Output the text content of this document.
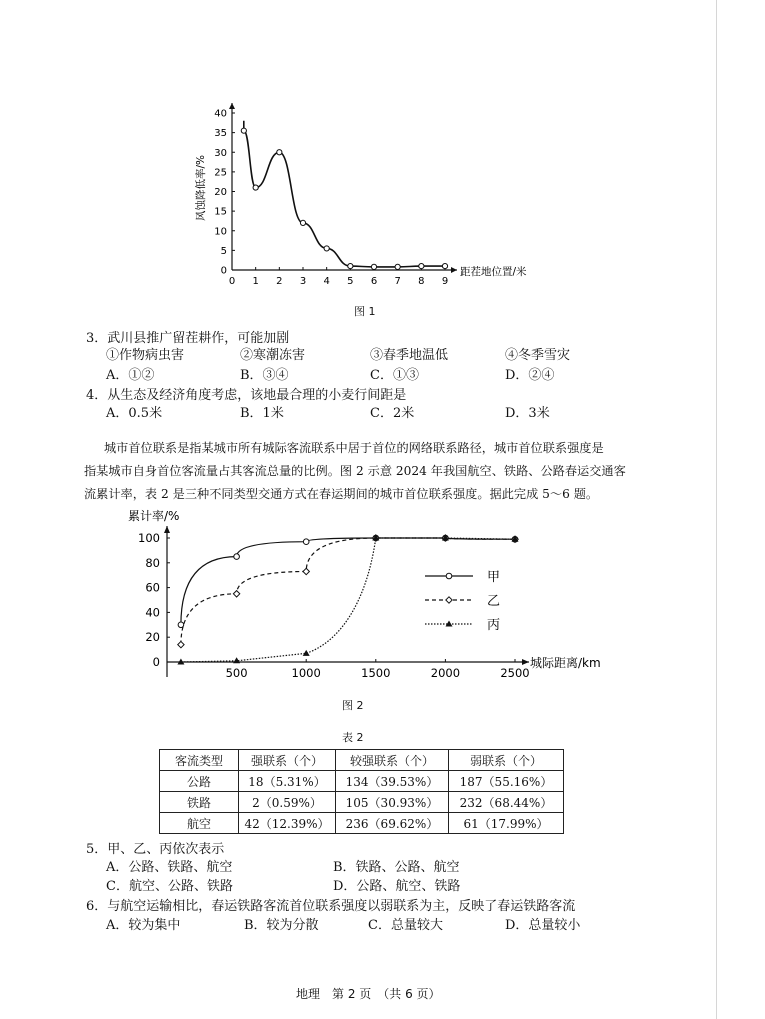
0 1 2 3 4 5 6 7 8 9
0
5
10
15
20
25
30
35
40
风蚀降低率/%
距茬地位置/米
图 1
3．武川县推广留茬耕作，可能加剧
①作物病虫害	②寒潮冻害	③春季地温低	④冬季雪灾
A．①②	B．③④	C．①③	D．②④
4．从生态及经济角度考虑，该地最合理的小麦行间距是
A．0.5米	B．1米	C．2米	D．3米
城市首位联系是指某城市所有城际客流联系中居于首位的网络联系路径，城市首位联系强度是
指某城市自身首位客流量占其客流总量的比例。图 2 示意 2024 年我国航空、铁路、公路春运交通客
流累计率，表 2 是三种不同类型交通方式在春运期间的城市首位联系强度。据此完成 5～6 题。
500	1000	1500	2000	2500
0
20
40
60
80
100
甲
乙
丙
累计率/%
城际距离/km
图 2
表 2
客流类型	强联系（个）	较强联系（个）	弱联系（个）
公路	18（5.31%）	134（39.53%）	187（55.16%）
铁路	2（0.59%）	105（30.93%）	232（68.44%）
航空	42（12.39%）	236（69.62%）	61（17.99%）
5．甲、乙、丙依次表示
A．公路、铁路、航空	B．铁路、公路、航空
C．航空、公路、铁路	D．公路、航空、铁路
6．与航空运输相比，春运铁路客流首位联系强度以弱联系为主，反映了春运铁路客流
A．较为集中	B．较为分散	C．总量较大	D．总量较小
地理　第 2 页　（共 6 页）
